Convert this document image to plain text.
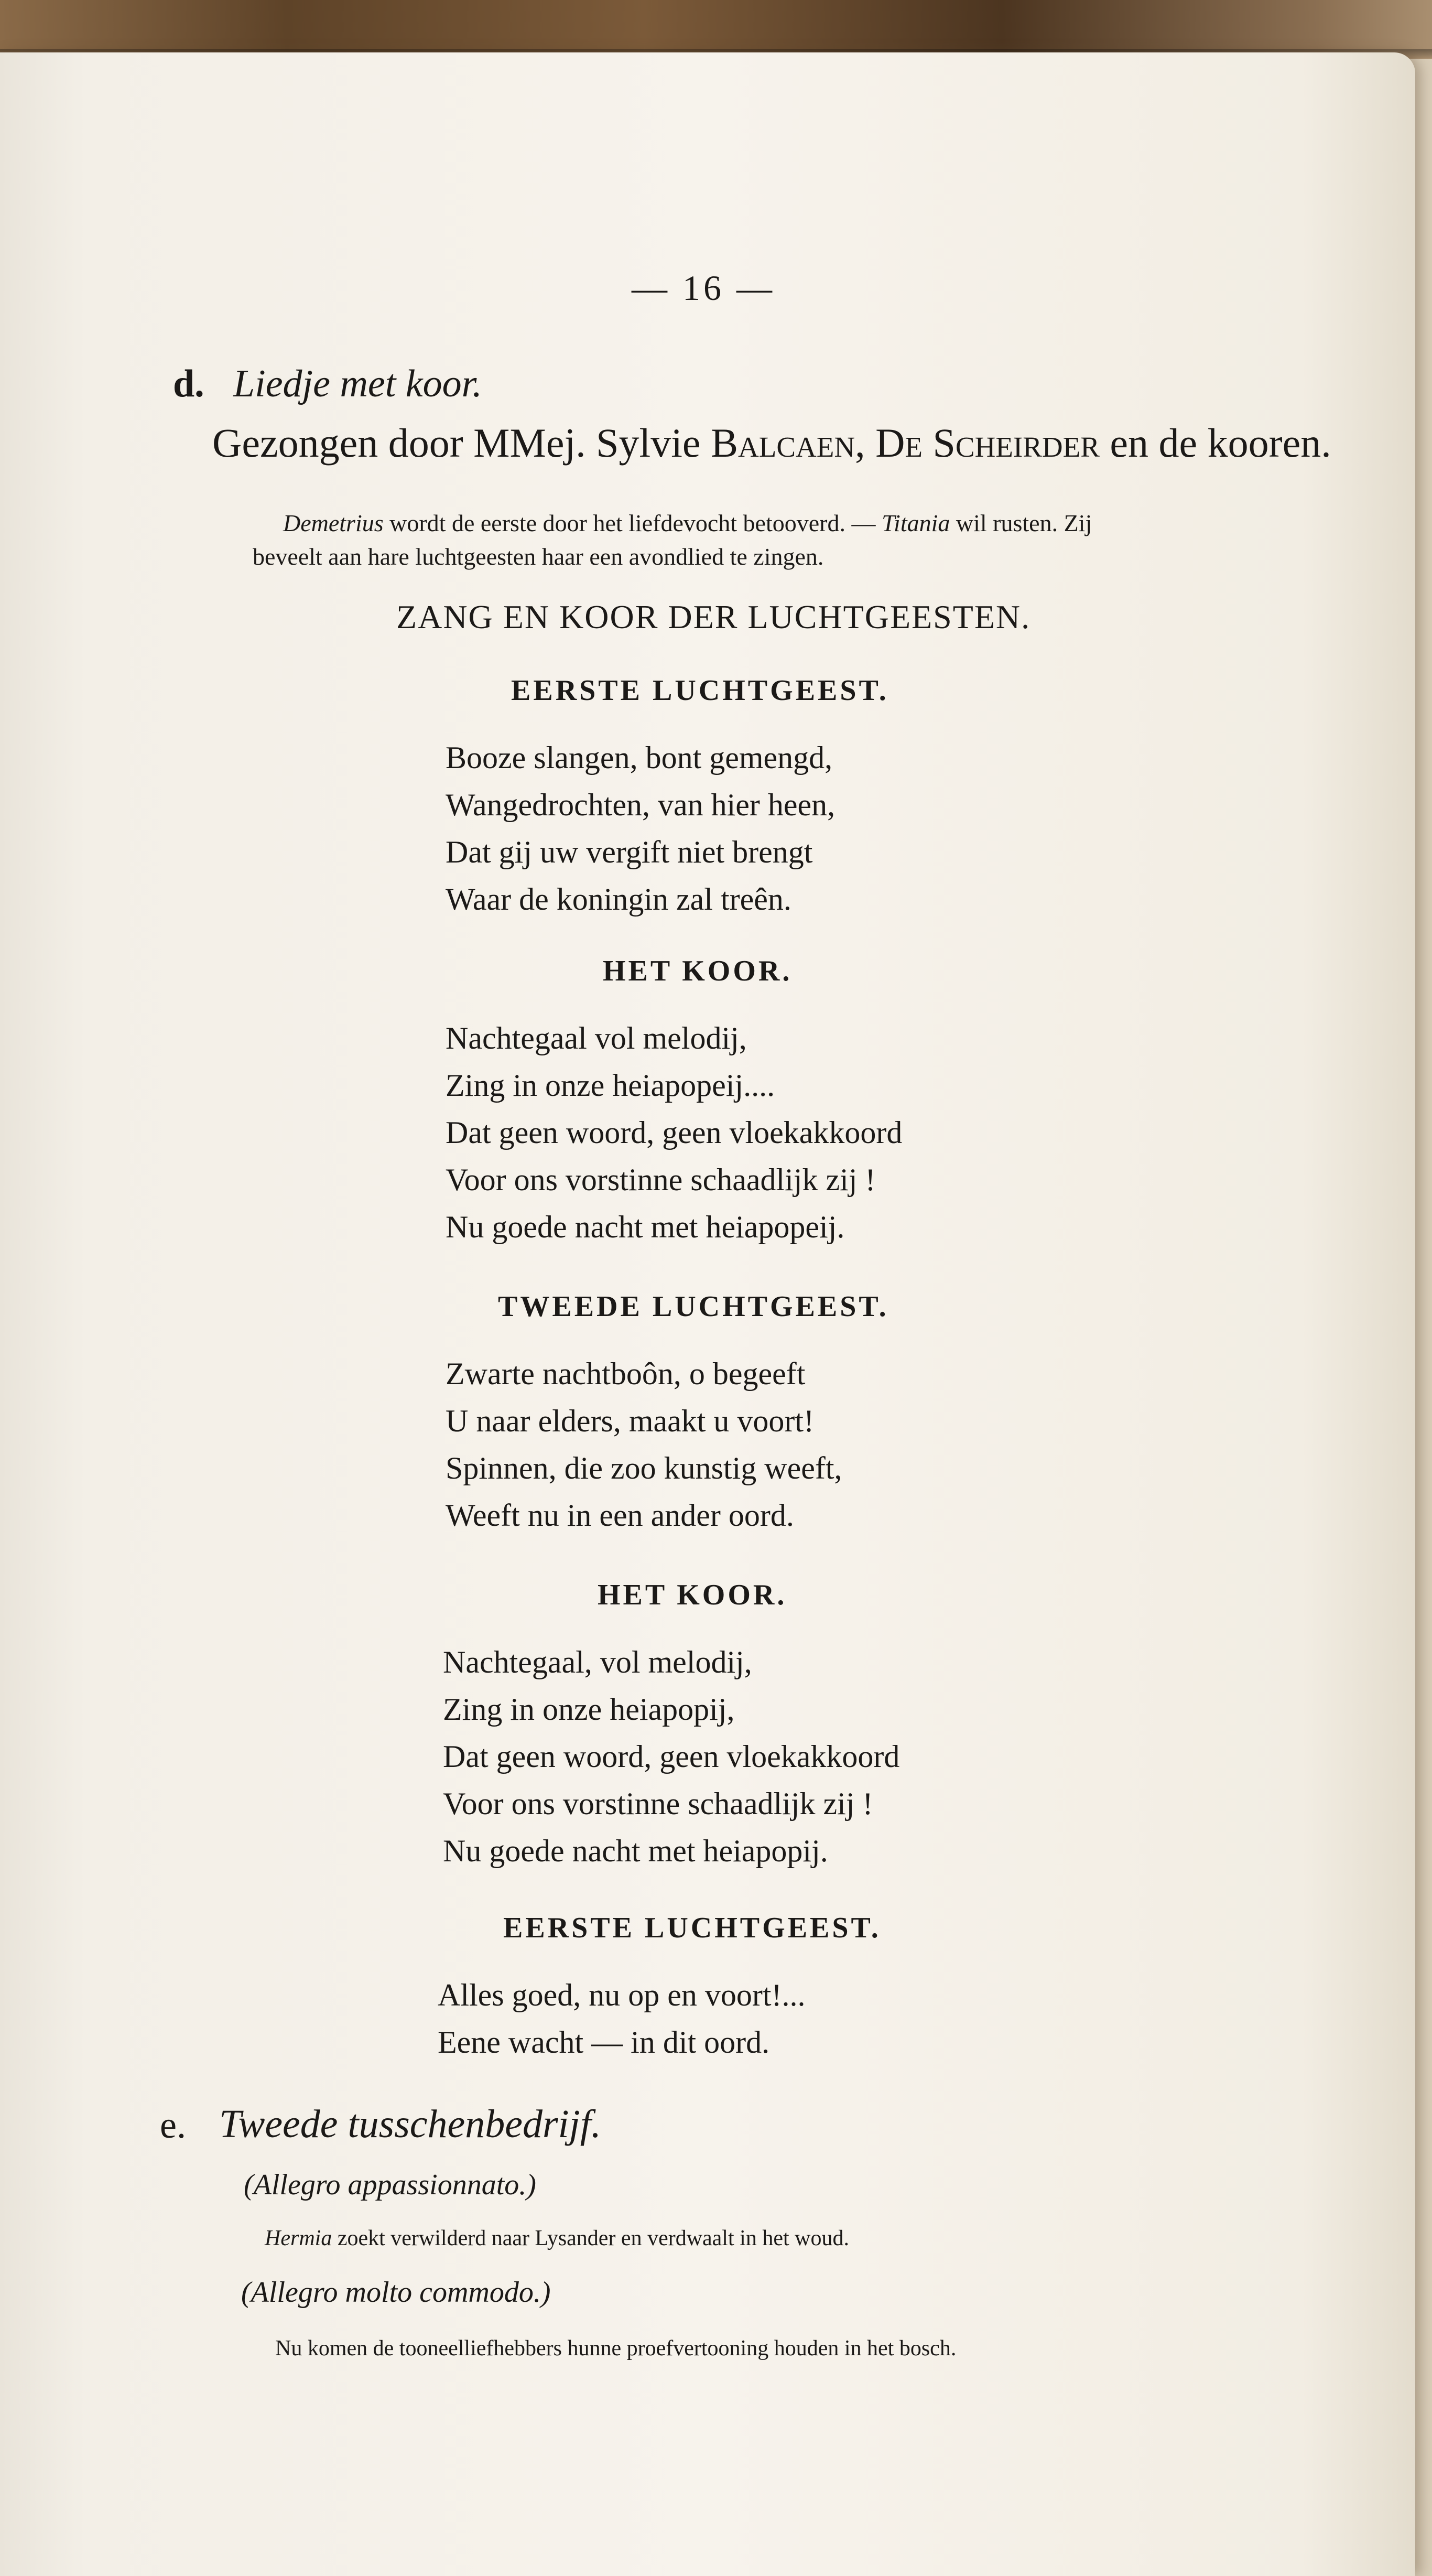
— 16 —
d. Liedje met koor.
Gezongen door MMej. Sylvie Balcaen, De Scheirder en de kooren.
Demetrius wordt de eerste door het liefdevocht betooverd. — Titania wil rusten. Zij
beveelt aan hare luchtgeesten haar een avondlied te zingen.
ZANG EN KOOR DER LUCHTGEESTEN.
EERSTE LUCHTGEEST.
Booze slangen, bont gemengd,
Wangedrochten, van hier heen,
Dat gij uw vergift niet brengt
Waar de koningin zal treên.
HET KOOR.
Nachtegaal vol melodij,
Zing in onze heiapopeij....
Dat geen woord, geen vloekakkoord
Voor ons vorstinne schaadlijk zij !
Nu goede nacht met heiapopeij.
TWEEDE LUCHTGEEST.
Zwarte nachtboôn, o begeeft
U naar elders, maakt u voort!
Spinnen, die zoo kunstig weeft,
Weeft nu in een ander oord.
HET KOOR.
Nachtegaal, vol melodij,
Zing in onze heiapopij,
Dat geen woord, geen vloekakkoord
Voor ons vorstinne schaadlijk zij !
Nu goede nacht met heiapopij.
EERSTE LUCHTGEEST.
Alles goed, nu op en voort!...
Eene wacht — in dit oord.
e. Tweede tusschenbedrijf.
(Allegro appassionnato.)
Hermia zoekt verwilderd naar Lysander en verdwaalt in het woud.
(Allegro molto commodo.)
Nu komen de tooneelliefhebbers hunne proefvertooning houden in het bosch.
